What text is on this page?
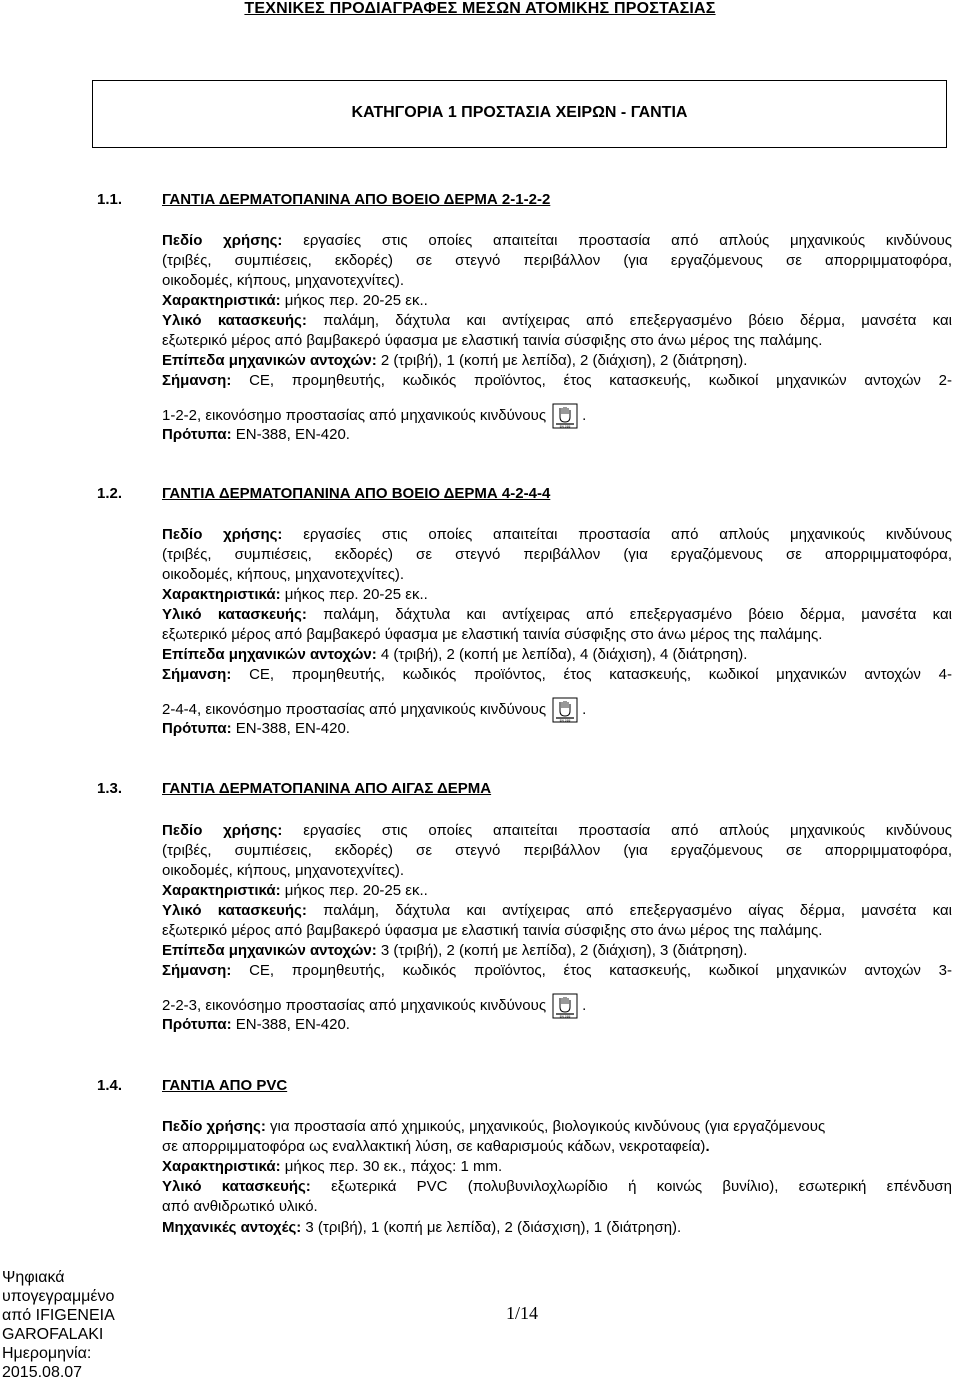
ΤΕΧΝΙΚΕΣ ΠΡΟΔΙΑΓΡΑΦΕΣ ΜΕΣΩΝ ΑΤΟΜΙΚΗΣ ΠΡΟΣΤΑΣΙΑΣ
ΚΑΤΗΓΟΡΙΑ 1 ΠΡΟΣΤΑΣΙΑ ΧΕΙΡΩΝ - ΓΑΝΤΙΑ
1.1.	ΓΑΝΤΙΑ ΔΕΡΜΑΤΟΠΑΝΙΝΑ ΑΠΟ ΒΟΕΙΟ ΔΕΡΜΑ 2-1-2-2
Πεδίο χρήσης: εργασίες στις οποίες απαιτείται προστασία από απλούς μηχανικούς κινδύνους
(τριβές, συμπιέσεις, εκδορές) σε στεγνό περιβάλλον (για εργαζόμενους σε απορριμματοφόρα,
οικοδομές, κήπους, μηχανοτεχνίτες).
Χαρακτηριστικά: μήκος περ. 20-25 εκ..
Υλικό κατασκευής: παλάμη, δάχτυλα και αντίχειρας από επεξεργασμένο βόειο δέρμα, μανσέτα και
εξωτερικό μέρος από βαμβακερό ύφασμα με ελαστική ταινία σύσφιξης στο άνω μέρος της παλάμης.
Επίπεδα μηχανικών αντοχών: 2 (τριβή), 1 (κοπή με λεπίδα), 2 (διάχιση), 2 (διάτρηση).
Σήμανση: CE, προμηθευτής, κωδικός προϊόντος, έτος κατασκευής, κωδικοί μηχανικών αντοχών 2-
1-2-2, εικονόσημο προστασίας από μηχανικούς κινδύνους .
Πρότυπα: EN-388, EN-420.
1.2.	ΓΑΝΤΙΑ ΔΕΡΜΑΤΟΠΑΝΙΝΑ ΑΠΟ ΒΟΕΙΟ ΔΕΡΜΑ 4-2-4-4
Πεδίο χρήσης: εργασίες στις οποίες απαιτείται προστασία από απλούς μηχανικούς κινδύνους
(τριβές, συμπιέσεις, εκδορές) σε στεγνό περιβάλλον (για εργαζόμενους σε απορριμματοφόρα,
οικοδομές, κήπους, μηχανοτεχνίτες).
Χαρακτηριστικά: μήκος περ. 20-25 εκ..
Υλικό κατασκευής: παλάμη, δάχτυλα και αντίχειρας από επεξεργασμένο βόειο δέρμα, μανσέτα και
εξωτερικό μέρος από βαμβακερό ύφασμα με ελαστική ταινία σύσφιξης στο άνω μέρος της παλάμης.
Επίπεδα μηχανικών αντοχών: 4 (τριβή), 2 (κοπή με λεπίδα), 4 (διάχιση), 4 (διάτρηση).
Σήμανση: CE, προμηθευτής, κωδικός προϊόντος, έτος κατασκευής, κωδικοί μηχανικών αντοχών 4-
2-4-4, εικονόσημο προστασίας από μηχανικούς κινδύνους .
Πρότυπα: EN-388, EN-420.
1.3.	ΓΑΝΤΙΑ ΔΕΡΜΑΤΟΠΑΝΙΝΑ ΑΠΟ ΑΙΓΑΣ ΔΕΡΜΑ
Πεδίο χρήσης: εργασίες στις οποίες απαιτείται προστασία από απλούς μηχανικούς κινδύνους
(τριβές, συμπιέσεις, εκδορές) σε στεγνό περιβάλλον (για εργαζόμενους σε απορριμματοφόρα,
οικοδομές, κήπους, μηχανοτεχνίτες).
Χαρακτηριστικά: μήκος περ. 20-25 εκ..
Υλικό κατασκευής: παλάμη, δάχτυλα και αντίχειρας από επεξεργασμένο αίγας δέρμα, μανσέτα και
εξωτερικό μέρος από βαμβακερό ύφασμα με ελαστική ταινία σύσφιξης στο άνω μέρος της παλάμης.
Επίπεδα μηχανικών αντοχών: 3 (τριβή), 2 (κοπή με λεπίδα), 2 (διάχιση), 3 (διάτρηση).
Σήμανση: CE, προμηθευτής, κωδικός προϊόντος, έτος κατασκευής, κωδικοί μηχανικών αντοχών 3-
2-2-3, εικονόσημο προστασίας από μηχανικούς κινδύνους .
Πρότυπα: EN-388, EN-420.
1.4.	ΓΑΝΤΙΑ ΑΠΟ PVC
Πεδίο χρήσης: για προστασία από χημικούς, μηχανικούς, βιολογικούς κινδύνους (για εργαζόμενους
σε απορριμματοφόρα ως εναλλακτική λύση, σε καθαρισμούς κάδων, νεκροταφεία).
Χαρακτηριστικά: μήκος περ. 30 εκ., πάχος: 1 mm.
Υλικό κατασκευής: εξωτερικά PVC (πολυβυνιλοχλωρίδιο ή κοινώς βυνίλιο), εσωτερική επένδυση
από ανθιδρωτικό υλικό.
Μηχανικές αντοχές: 3 (τριβή), 1 (κοπή με λεπίδα), 2 (διάσχιση), 1 (διάτρηση).
Ψηφιακά
υπογεγραμμένο
από IFIGENEIA
GAROFALAKI
Ημερομηνία:
2015.08.07
1/14
